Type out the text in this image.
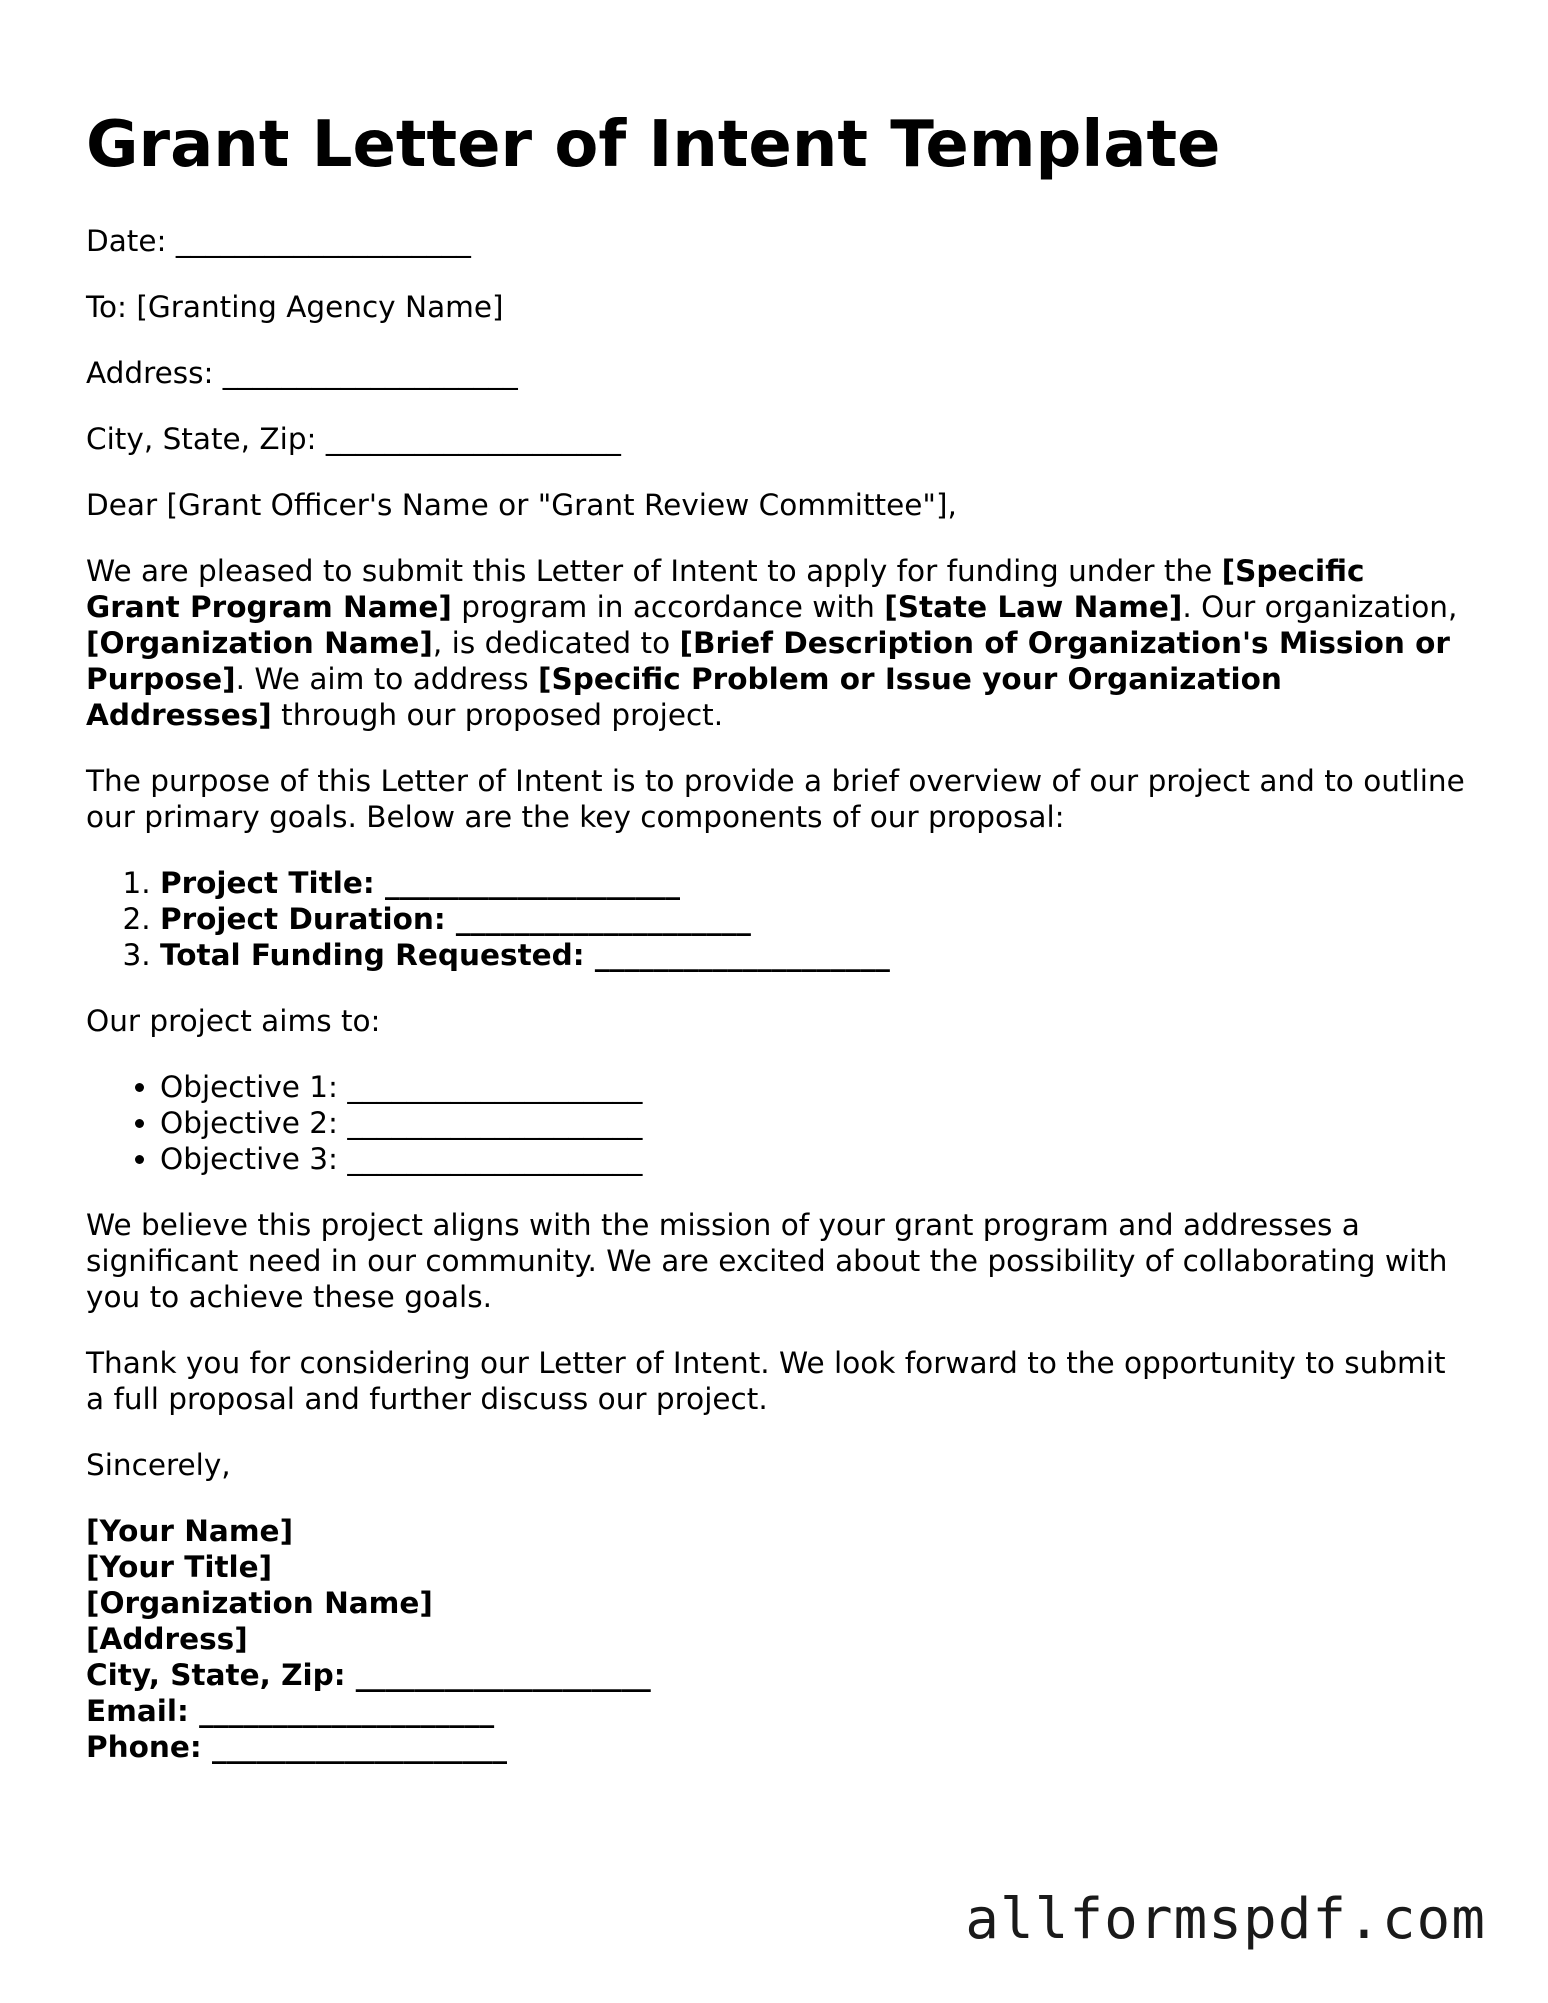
Grant Letter of Intent Template

Date: ____________________

To: [Granting Agency Name]

Address: ____________________

City, State, Zip: ____________________

Dear [Grant Officer's Name or "Grant Review Committee"],

We are pleased to submit this Letter of Intent to apply for funding under the [Specific Grant Program Name] program in accordance with [State Law Name]. Our organization, [Organization Name], is dedicated to [Brief Description of Organization's Mission or Purpose]. We aim to address [Specific Problem or Issue your Organization Addresses] through our proposed project.

The purpose of this Letter of Intent is to provide a brief overview of our project and to outline our primary goals. Below are the key components of our proposal:

1. Project Title: ____________________
2. Project Duration: ____________________
3. Total Funding Requested: ____________________

Our project aims to:

• Objective 1: ____________________
• Objective 2: ____________________
• Objective 3: ____________________

We believe this project aligns with the mission of your grant program and addresses a significant need in our community. We are excited about the possibility of collaborating with you to achieve these goals.

Thank you for considering our Letter of Intent. We look forward to the opportunity to submit a full proposal and further discuss our project.

Sincerely,

[Your Name]
[Your Title]
[Organization Name]
[Address]
City, State, Zip: ____________________
Email: ____________________
Phone: ____________________
allformspdf.com
